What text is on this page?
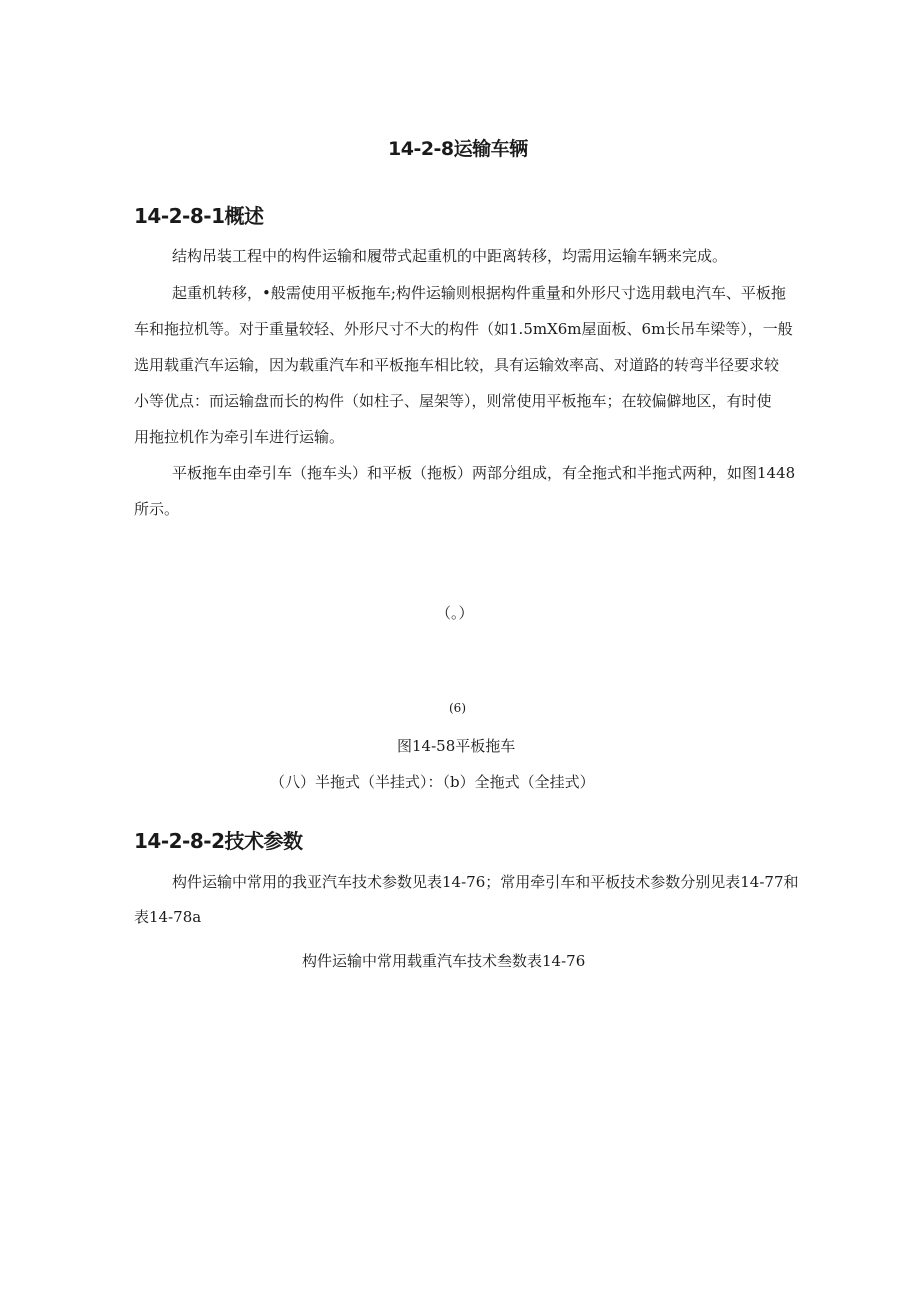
14-2-8运输车辆
14-2-8-1概述
结构吊装工程中的构件运输和履带式起重机的中距离转移，均需用运输车辆来完成。
起重机转移，•般需使用平板拖车;构件运输则根据构件重量和外形尺寸选用载电汽车、平板拖
车和拖拉机等。对于重量较轻、外形尺寸不大的构件（如1.5mX6m屋面板、6m长吊车梁等），一般
选用载重汽车运输，因为载重汽车和平板拖车相比较，具有运输效率高、对道路的转弯半径要求较
小等优点：而运输盘而长的构件（如柱子、屋架等），则常使用平板拖车；在较偏僻地区，有时使
用拖拉机作为牵引车进行运输。
平板拖车由牵引车（拖车头）和平板（拖板）两部分组成，有全拖式和半拖式两种，如图1448
所示。
（。）
(6)
图14-58平板拖车
（八）半拖式（半挂式）：（b）全拖式（全挂式）
14-2-8-2技术参数
构件运输中常用的我亚汽车技术参数见表14-76；常用牵引车和平板技术参数分别见表14-77和
表14-78a
构件运输中常用载重汽车技术叁数表14-76
